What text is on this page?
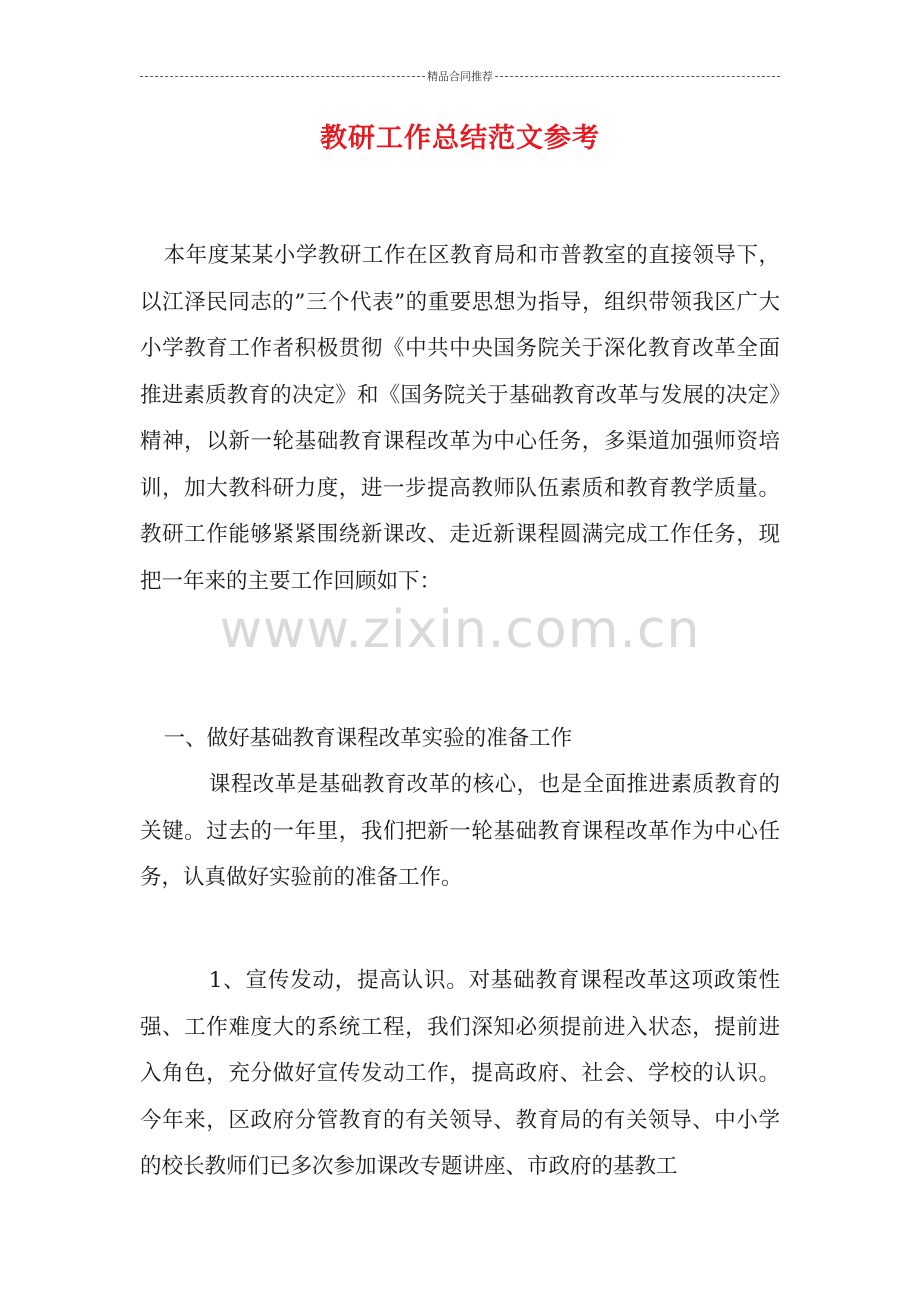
精品合同推荐
教研工作总结范文参考

本年度某某小学教研工作在区教育局和市普教室的直接领导下，以江泽民同志的”三个代表”的重要思想为指导，组织带领我区广大小学教育工作者积极贯彻《中共中央国务院关于深化教育改革全面推进素质教育的决定》和《国务院关于基础教育改革与发展的决定》精神，以新一轮基础教育课程改革为中心任务，多渠道加强师资培训，加大教科研力度，进一步提高教师队伍素质和教育教学质量。教研工作能够紧紧围绕新课改、走近新课程圆满完成工作任务，现把一年来的主要工作回顾如下：

www.zixin.com.cn

一、做好基础教育课程改革实验的准备工作

课程改革是基础教育改革的核心，也是全面推进素质教育的关键。过去的一年里，我们把新一轮基础教育课程改革作为中心任务，认真做好实验前的准备工作。

1、宣传发动，提高认识。对基础教育课程改革这项政策性强、工作难度大的系统工程，我们深知必须提前进入状态，提前进入角色，充分做好宣传发动工作，提高政府、社会、学校的认识。今年来，区政府分管教育的有关领导、教育局的有关领导、中小学的校长教师们已多次参加课改专题讲座、市政府的基教工
